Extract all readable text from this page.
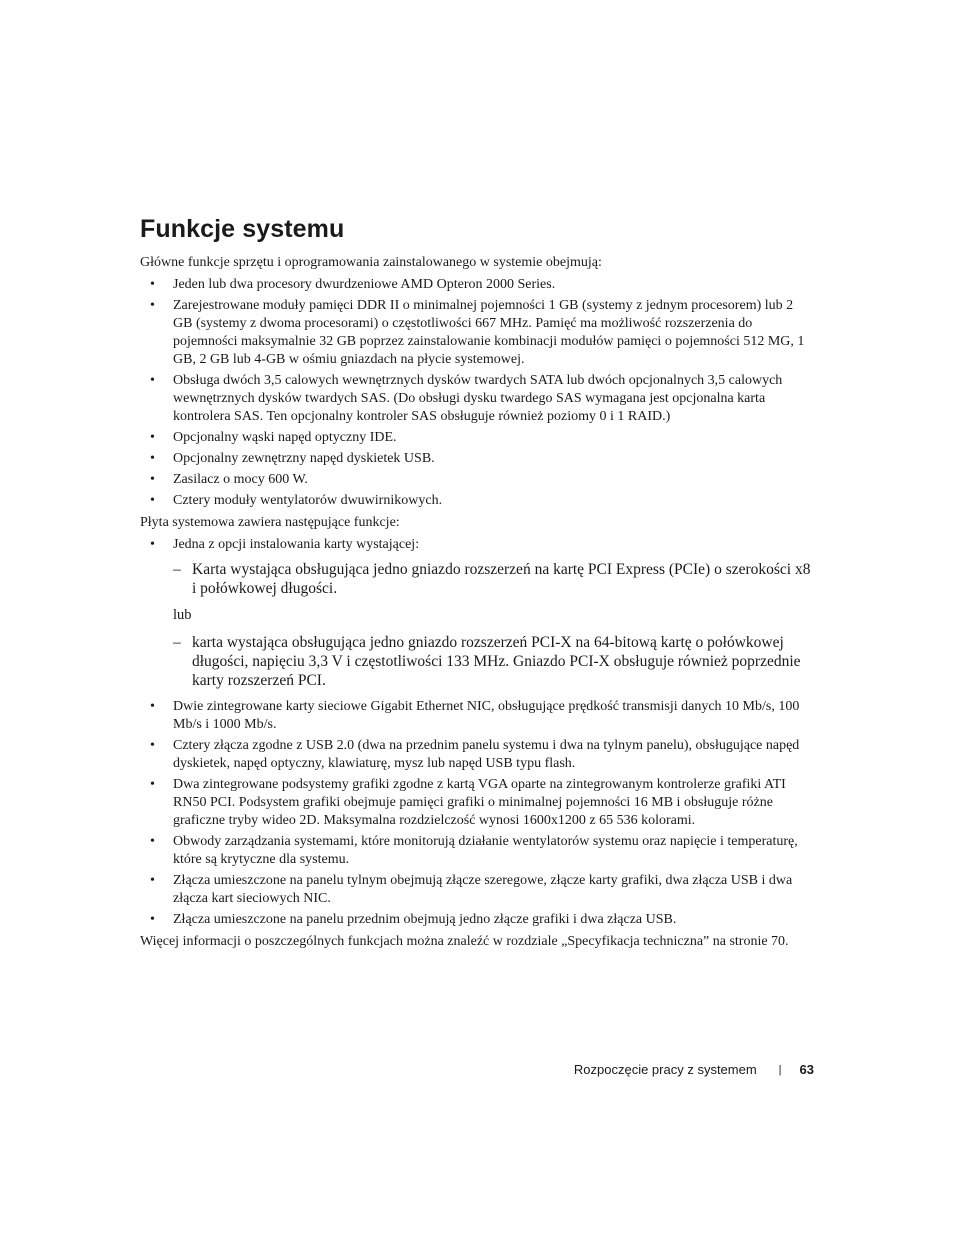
Funkcje systemu

Główne funkcje sprzętu i oprogramowania zainstalowanego w systemie obejmują:

• Jeden lub dwa procesory dwurdzeniowe AMD Opteron 2000 Series.
• Zarejestrowane moduły pamięci DDR II o minimalnej pojemności 1 GB (systemy z jednym procesorem) lub 2 GB (systemy z dwoma procesorami) o częstotliwości 667 MHz. Pamięć ma możliwość rozszerzenia do pojemności maksymalnie 32 GB poprzez zainstalowanie kombinacji modułów pamięci o pojemności 512 MG, 1 GB, 2 GB lub 4-GB w ośmiu gniazdach na płycie systemowej.
• Obsługa dwóch 3,5 calowych wewnętrznych dysków twardych SATA lub dwóch opcjonalnych 3,5 calowych wewnętrznych dysków twardych SAS. (Do obsługi dysku twardego SAS wymagana jest opcjonalna karta kontrolera SAS. Ten opcjonalny kontroler SAS obsługuje również poziomy 0 i 1 RAID.)
• Opcjonalny wąski napęd optyczny IDE.
• Opcjonalny zewnętrzny napęd dyskietek USB.
• Zasilacz o mocy 600 W.
• Cztery moduły wentylatorów dwuwirnikowych.

Płyta systemowa zawiera następujące funkcje:

• Jedna z opcji instalowania karty wystającej:
– Karta wystająca obsługująca jedno gniazdo rozszerzeń na kartę PCI Express (PCIe) o szerokości x8 i połówkowej długości.
lub
– karta wystająca obsługująca jedno gniazdo rozszerzeń PCI-X na 64-bitową kartę o połówkowej długości, napięciu 3,3 V i częstotliwości 133 MHz. Gniazdo PCI-X obsługuje również poprzednie karty rozszerzeń PCI.
• Dwie zintegrowane karty sieciowe Gigabit Ethernet NIC, obsługujące prędkość transmisji danych 10 Mb/s, 100 Mb/s i 1000 Mb/s.
• Cztery złącza zgodne z USB 2.0 (dwa na przednim panelu systemu i dwa na tylnym panelu), obsługujące napęd dyskietek, napęd optyczny, klawiaturę, mysz lub napęd USB typu flash.
• Dwa zintegrowane podsystemy grafiki zgodne z kartą VGA oparte na zintegrowanym kontrolerze grafiki ATI RN50 PCI. Podsystem grafiki obejmuje pamięci grafiki o minimalnej pojemności 16 MB i obsługuje różne graficzne tryby wideo 2D. Maksymalna rozdzielczość wynosi 1600x1200 z 65 536 kolorami.
• Obwody zarządzania systemami, które monitorują działanie wentylatorów systemu oraz napięcie i temperaturę, które są krytyczne dla systemu.
• Złącza umieszczone na panelu tylnym obejmują złącze szeregowe, złącze karty grafiki, dwa złącza USB i dwa złącza kart sieciowych NIC.
• Złącza umieszczone na panelu przednim obejmują jedno złącze grafiki i dwa złącza USB.

Więcej informacji o poszczególnych funkcjach można znaleźć w rozdziale „Specyfikacja techniczna” na stronie 70.

Rozpoczęcie pracy z systemem | 63
